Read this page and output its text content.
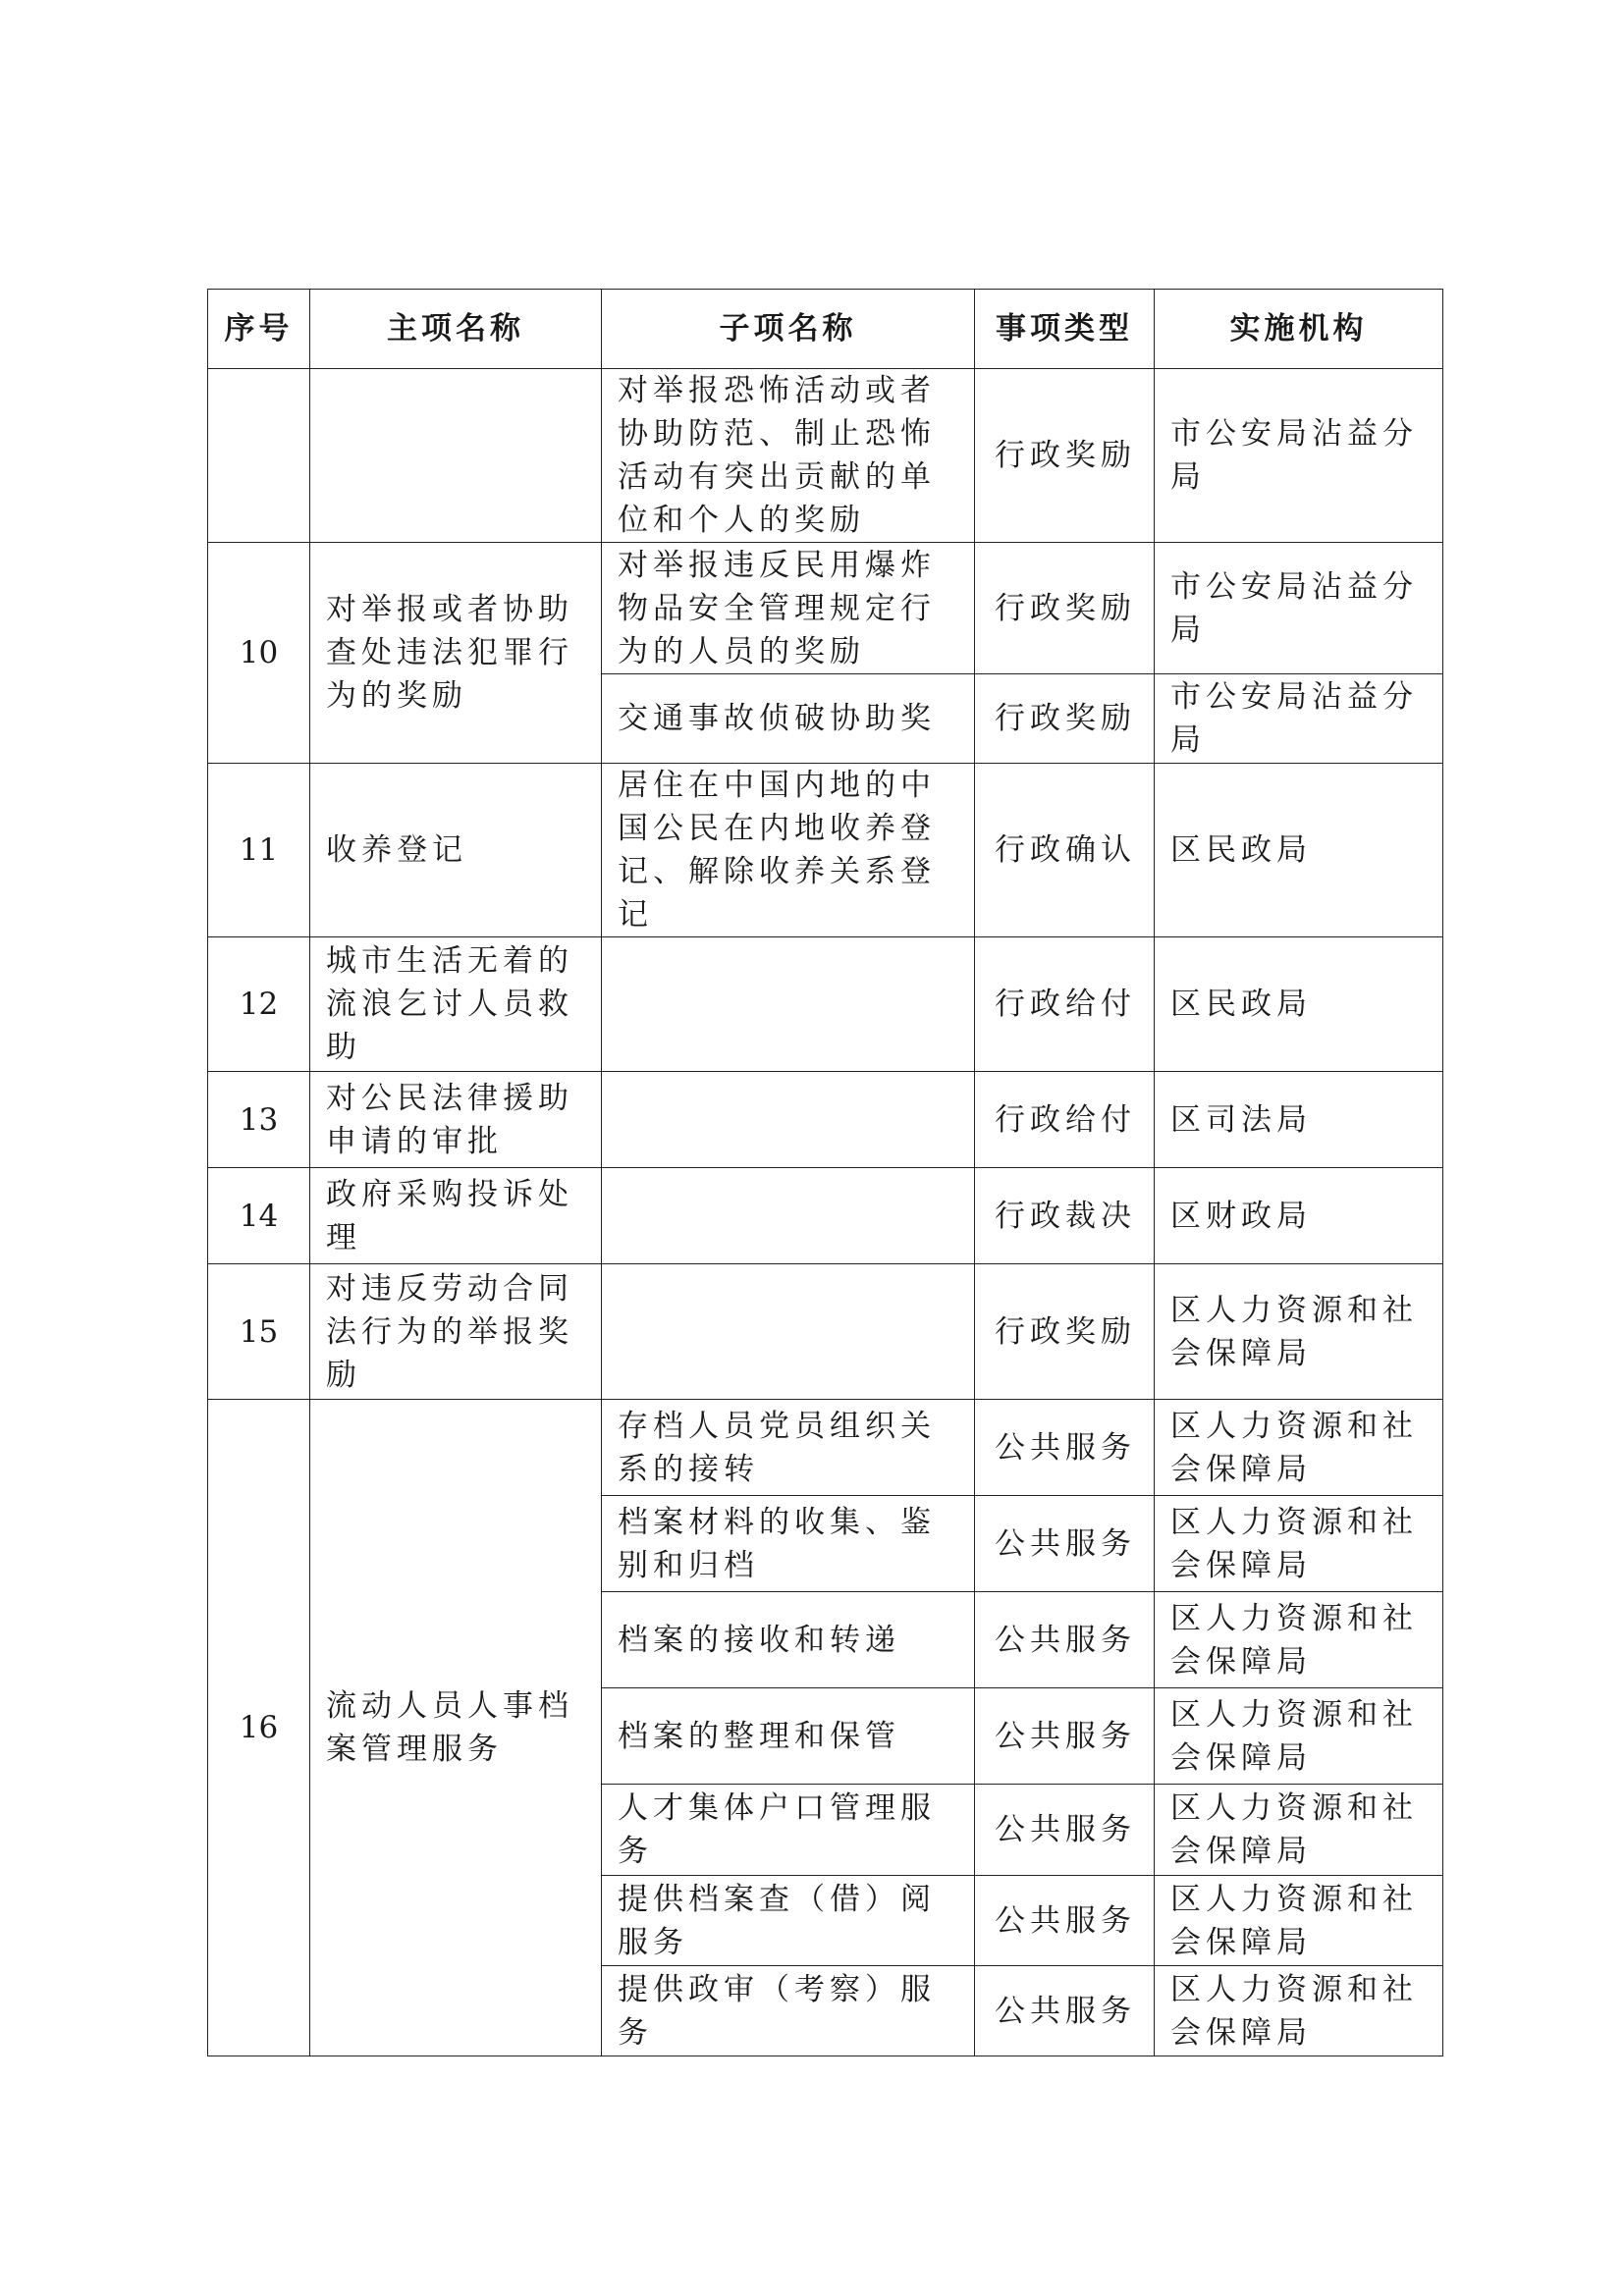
序号	主项名称	子项名称	事项类型	实施机构
		对举报恐怖活动或者协助防范、制止恐怖活动有突出贡献的单位和个人的奖励	行政奖励	市公安局沾益分局
10	对举报或者协助查处违法犯罪行为的奖励	对举报违反民用爆炸物品安全管理规定行为的人员的奖励	行政奖励	市公安局沾益分局
		交通事故侦破协助奖	行政奖励	市公安局沾益分局
11	收养登记	居住在中国内地的中国公民在内地收养登记、解除收养关系登记	行政确认	区民政局
12	城市生活无着的流浪乞讨人员救助		行政给付	区民政局
13	对公民法律援助申请的审批		行政给付	区司法局
14	政府采购投诉处理		行政裁决	区财政局
15	对违反劳动合同法行为的举报奖励		行政奖励	区人力资源和社会保障局
16	流动人员人事档案管理服务	存档人员党员组织关系的接转	公共服务	区人力资源和社会保障局
		档案材料的收集、鉴别和归档	公共服务	区人力资源和社会保障局
		档案的接收和转递	公共服务	区人力资源和社会保障局
		档案的整理和保管	公共服务	区人力资源和社会保障局
		人才集体户口管理服务	公共服务	区人力资源和社会保障局
		提供档案查（借）阅服务	公共服务	区人力资源和社会保障局
		提供政审（考察）服务	公共服务	区人力资源和社会保障局
